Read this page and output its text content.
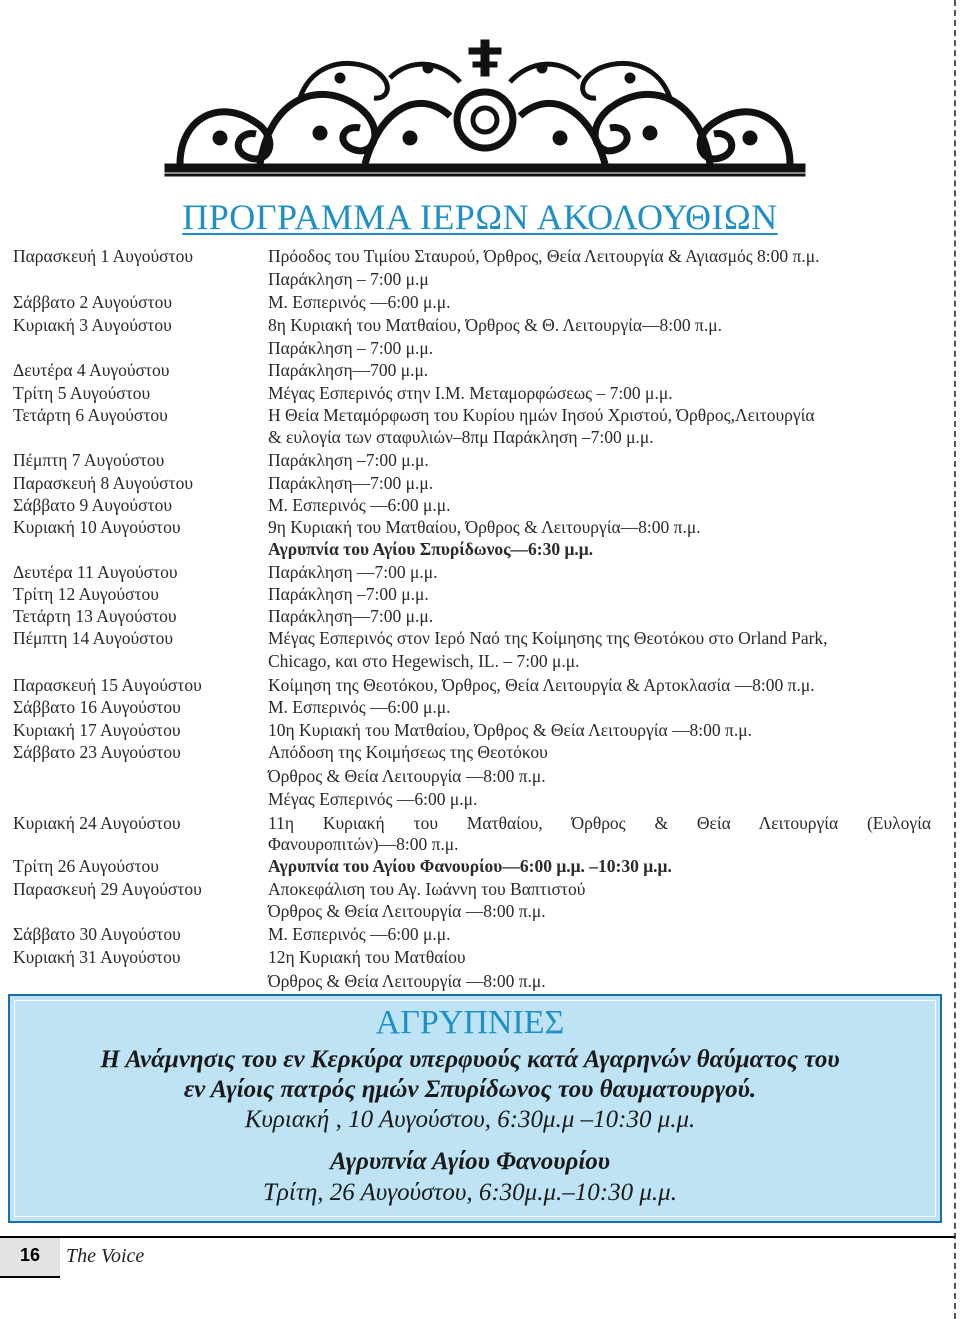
ΠΡΟΓΡΑΜΜΑ ΙΕΡΩΝ ΑΚΟΛΟΥΘΙΩΝ
Παρασκευή 1 Αυγούστου
Σάββατο 2 Αυγούστου
Κυριακή 3 Αυγούστου
Δευτέρα 4 Αυγούστου
Τρίτη 5 Αυγούστου
Τετάρτη 6 Αυγούστου
Πέμπτη 7 Αυγούστου
Παρασκευή 8 Αυγούστου
Σάββατο 9 Αυγούστου
Κυριακή 10 Αυγούστου
Δευτέρα 11 Αυγούστου
Τρίτη 12 Αυγούστου
Τετάρτη 13 Αυγούστου
Πέμπτη 14 Αυγούστου
Παρασκευή 15 Αυγούστου
Σάββατο 16 Αυγούστου
Κυριακή 17 Αυγούστου
Σάββατο 23 Αυγούστου
Κυριακή 24 Αυγούστου
Τρίτη 26 Αυγούστου
Παρασκευή 29 Αυγούστου
Σάββατο 30 Αυγούστου
Κυριακή 31 Αυγούστου
Πρόοδος του Τιμίου Σταυρού, Όρθρος, Θεία Λειτουργία & Αγιασμός 8:00 π.μ.
Παράκληση – 7:00 μ.μ
Μ. Εσπερινός —6:00 μ.μ.
8η Κυριακή του Ματθαίου, Όρθρος & Θ. Λειτουργία—8:00 π.μ.
Παράκληση – 7:00 μ.μ.
Παράκληση—700 μ.μ.
Μέγας Εσπερινός στην Ι.Μ. Μεταμορφώσεως – 7:00 μ.μ.
Η Θεία Μεταμόρφωση του Κυρίου ημών Ιησού Χριστού, Όρθρος,Λειτουργία
& ευλογία των σταφυλιών–8πμ Παράκληση –7:00 μ.μ.
Παράκληση –7:00 μ.μ.
Παράκληση—7:00 μ.μ.
Μ. Εσπερινός —6:00 μ.μ.
9η Κυριακή του Ματθαίου, Όρθρος & Λειτουργία—8:00 π.μ.
Αγρυπνία του Αγίου Σπυρίδωνος—6:30 μ.μ.
Παράκληση —7:00 μ.μ.
Παράκληση –7:00 μ.μ.
Παράκληση—7:00 μ.μ.
Μέγας Εσπερινός στον Ιερό Ναό της Κοίμησης της Θεοτόκου στο Orland Park,
Chicago, και στο Hegewisch, IL. – 7:00 μ.μ.
Κοίμηση της Θεοτόκου, Όρθρος, Θεία Λειτουργία & Αρτοκλασία —8:00 π.μ.
Μ. Εσπερινός —6:00 μ.μ.
10η Κυριακή του Ματθαίου, Όρθρος & Θεία Λειτουργία —8:00 π.μ.
Απόδοση της Κοιμήσεως της Θεοτόκου
Όρθρος & Θεία Λειτουργία —8:00 π.μ.
Μέγας Εσπερινός —6:00 μ.μ.
11η Κυριακή του Ματθαίου, Όρθρος & Θεία Λειτουργία (Ευλογία
Φανουροπιτών)—8:00 π.μ.
Αγρυπνία του Αγίου Φανουρίου—6:00 μ.μ. –10:30 μ.μ.
Αποκεφάλιση του Αγ. Ιωάννη του Βαπτιστού
Όρθρος & Θεία Λειτουργία —8:00 π.μ.
Μ. Εσπερινός —6:00 μ.μ.
12η Κυριακή του Ματθαίου
Όρθρος & Θεία Λειτουργία —8:00 π.μ.
ΑΓΡΥΠΝΙΕΣ
Η Ανάμνησις του εν Κερκύρα υπερφυούς κατά Αγαρηνών θαύματος του
εν Αγίοις πατρός ημών Σπυρίδωνος του θαυματουργού.
Κυριακή , 10 Αυγούστου, 6:30μ.μ –10:30 μ.μ.
Αγρυπνία Αγίου Φανουρίου
Τρίτη, 26 Αυγούστου, 6:30μ.μ.–10:30 μ.μ.
16	The Voice
